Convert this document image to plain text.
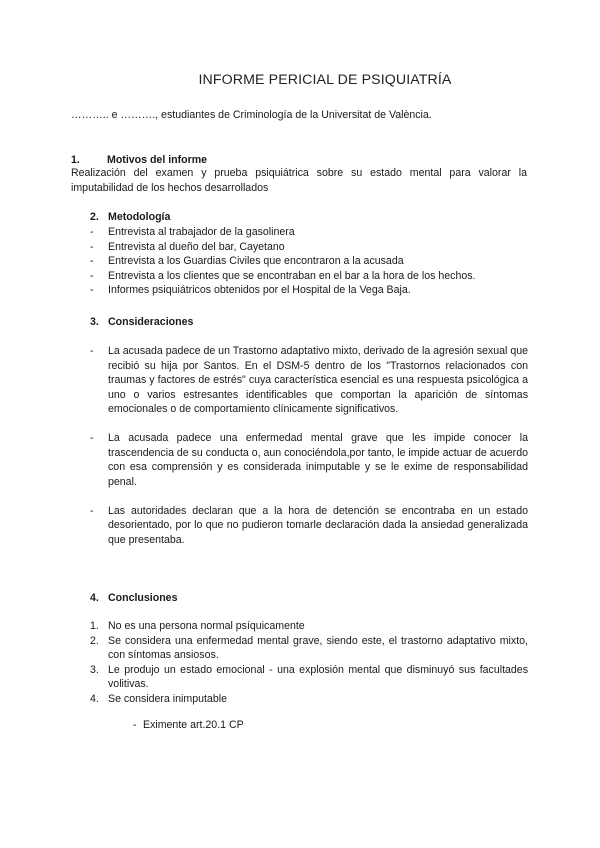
INFORME PERICIAL DE PSIQUIATRÍA
……….. e ………., estudiantes de Criminología de la Universitat de València.
1.	Motivos del informe
Realización del examen y prueba psiquiátrica sobre su estado mental para valorar la imputabilidad de los hechos desarrollados
2. Metodología
- Entrevista al trabajador de la gasolinera
- Entrevista al dueño del bar, Cayetano
- Entrevista a los Guardias Civiles que encontraron a la acusada
- Entrevista a los clientes que se encontraban en el bar a la hora de los hechos.
- Informes psiquiátricos obtenidos por el Hospital de la Vega Baja.
3. Consideraciones
- La acusada padece de un Trastorno adaptativo mixto, derivado de la agresión sexual que recibió su hija por Santos. En el DSM-5 dentro de los "Trastornos relacionados con traumas y factores de estrés" cuya característica esencial es una respuesta psicológica a uno o varios estresantes identificables que comportan la aparición de síntomas emocionales o de comportamiento clínicamente significativos.
- La acusada padece una enfermedad mental grave que les impide conocer la trascendencia de su conducta o, aun conociéndola,por tanto, le impide actuar de acuerdo con esa comprensión y es considerada inimputable y se le exime de responsabilidad penal.
- Las autoridades declaran que a la hora de detención se encontraba en un estado desorientado, por lo que no pudieron tomarle declaración dada la ansiedad generalizada que presentaba.
4. Conclusiones
1. No es una persona normal psíquicamente
2. Se considera una enfermedad mental grave, siendo este, el trastorno adaptativo mixto, con síntomas ansiosos.
3. Le produjo un estado emocional - una explosión mental que disminuyó sus facultades volitivas.
4. Se considera inimputable
- Eximente art.20.1 CP
